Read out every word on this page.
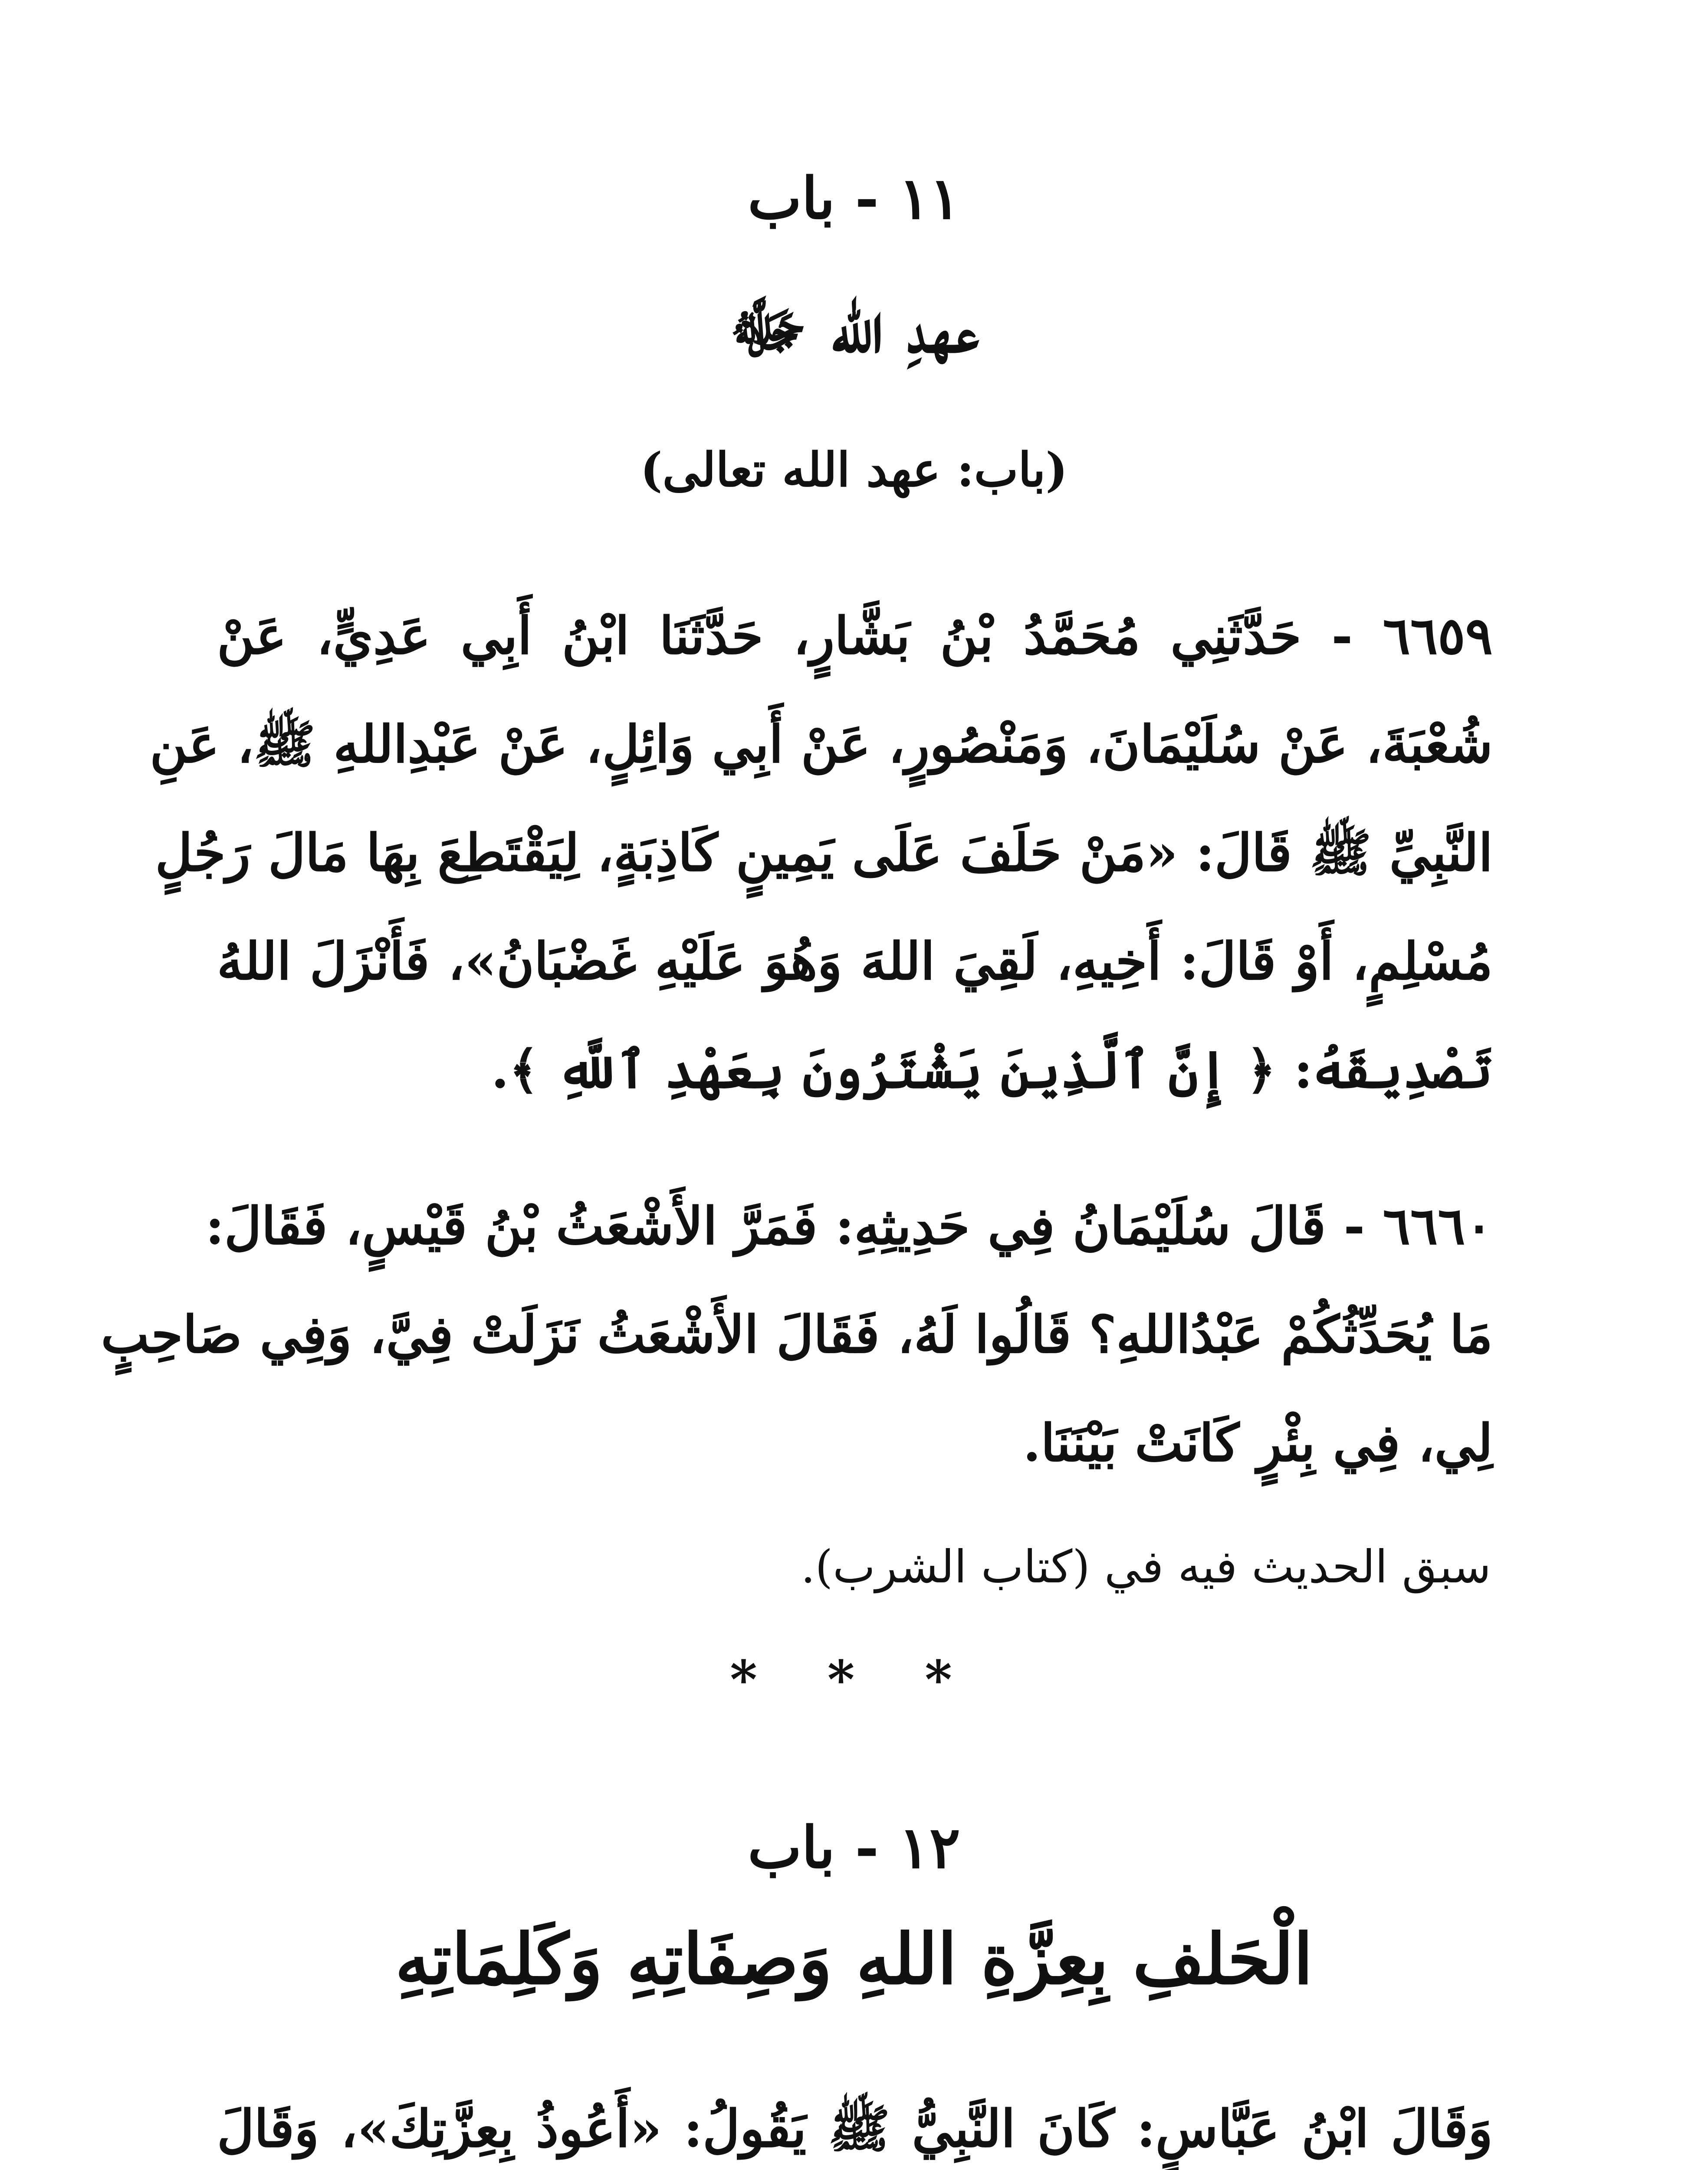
١١ - باب
عهدِ الله ﷻ
(باب: عهد الله تعالى)
٦٦٥٩ - حَدَّثَنِي مُحَمَّدُ بْنُ بَشَّارٍ، حَدَّثَنَا ابْنُ أَبِي عَدِيٍّ، عَنْ
شُعْبَةَ، عَنْ سُلَيْمَانَ، وَمَنْصُورٍ، عَنْ أَبِي وَائِلٍ، عَنْ عَبْدِاللهِ ﷺ، عَنِ
النَّبِيِّ ﷺ قَالَ: «مَنْ حَلَفَ عَلَى يَمِينٍ كَاذِبَةٍ، لِيَقْتَطِعَ بِهَا مَالَ رَجُلٍ
مُسْلِمٍ، أَوْ قَالَ: أَخِيهِ، لَقِيَ اللهَ وَهُوَ عَلَيْهِ غَضْبَانُ»، فَأَنْزَلَ اللهُ
تَصْدِيقَهُ: ﴿ إِنَّ ٱلَّذِينَ يَشْتَرُونَ بِعَهْدِ ٱللَّهِ ﴾.
٦٦٦٠ - قَالَ سُلَيْمَانُ فِي حَدِيثِهِ: فَمَرَّ الأَشْعَثُ بْنُ قَيْسٍ، فَقَالَ:
مَا يُحَدِّثُكُمْ عَبْدُاللهِ؟ قَالُوا لَهُ، فَقَالَ الأَشْعَثُ نَزَلَتْ فِيَّ، وَفِي صَاحِبٍ
لِي، فِي بِئْرٍ كَانَتْ بَيْنَنَا.
سبق الحديث فيه في (كتاب الشرب).
* * *
١٢ - باب
الْحَلفِ بِعِزَّةِ اللهِ وَصِفَاتِهِ وَكَلِمَاتِهِ
وَقَالَ ابْنُ عَبَّاسٍ: كَانَ النَّبِيُّ ﷺ يَقُولُ: «أَعُوذُ بِعِزَّتِكَ»، وَقَالَ
